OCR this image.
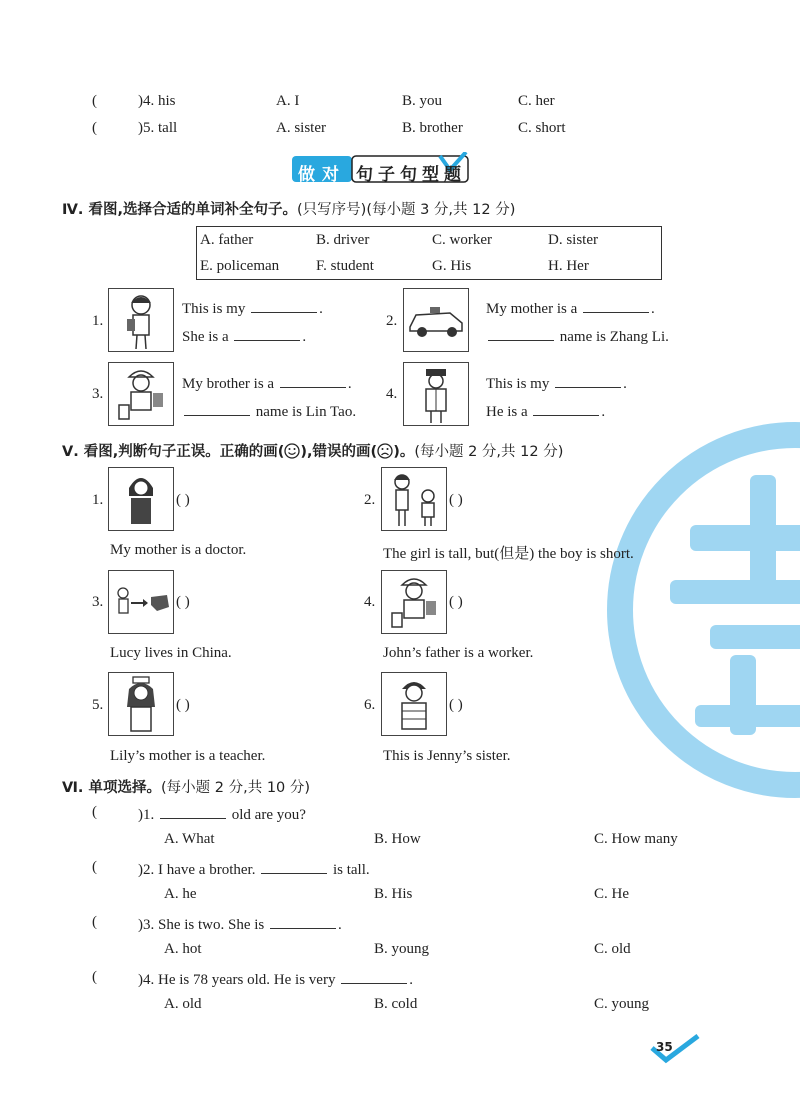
(	)4. his	A. I	B. you	C. her
(	)5. tall	A. sister	B. brother	C. short
做 对 句 子 句 型 题
Ⅳ. 看图,选择合适的单词补全句子。(只写序号)(每小题 3 分,共 12 分)
A. father	B. driver	C. worker	D. sister
E. policeman	F. student	G. His	H. Her
1.
This is my	.
She is a	.
2.
My mother is a	.
name is Zhang Li.
3.
My brother is a	.
name is Lin Tao.
4.
This is my	.
He is a	.
Ⅴ. 看图,判断句子正误。正确的画( ),错误的画( )。(每小题 2 分,共 12 分)
1.	( )
My mother is a doctor.
2.	( )
The girl is tall, but(但是) the boy is short.
3.	( )
Lucy lives in China.
4.	( )
John’s father is a worker.
5.	( )
Lily’s mother is a teacher.
6.	( )
This is Jenny’s sister.
Ⅵ. 单项选择。(每小题 2 分,共 10 分)
(	)1.	old are you?
A. What	B. How	C. How many
(	)2. I have a brother.	is tall.
A. he	B. His	C. He
(	)3. She is two. She is	.
A. hot	B. young	C. old
(	)4. He is 78 years old. He is very	.
A. old	B. cold	C. young
35
